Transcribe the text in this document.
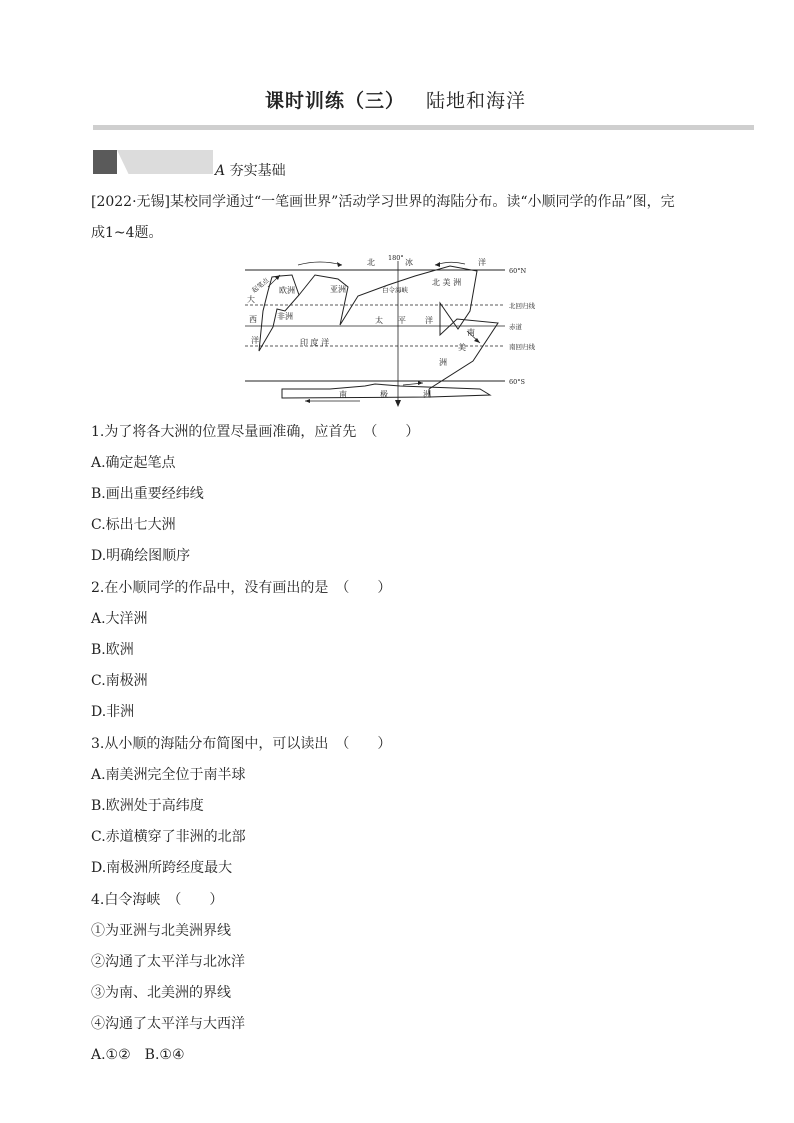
课时训练（三） 陆地和海洋
A 夯实基础
[2022·无锡]某校同学通过“一笔画世界”活动学习世界的海陆分布。读“小顺同学的作品”图，完
成1~4题。
北	冰	洋
180°
60°N
60°S
起笔点
大
西
洋
欧洲	亚洲
非洲
白令海峡
北 美 洲
北回归线
赤道
南回归线
太 平 洋
南
美
洲
印 度 洋
南	极	洲
1.为了将各大洲的位置尽量画准确，应首先　（　　）
A.确定起笔点
B.画出重要经纬线
C.标出七大洲
D.明确绘图顺序
2.在小顺同学的作品中，没有画出的是　（　　）
A.大洋洲
B.欧洲
C.南极洲
D.非洲
3.从小顺的海陆分布简图中，可以读出　（　　）
A.南美洲完全位于南半球
B.欧洲处于高纬度
C.赤道横穿了非洲的北部
D.南极洲所跨经度最大
4.白令海峡　（　　）
①为亚洲与北美洲界线
②沟通了太平洋与北冰洋
③为南、北美洲的界线
④沟通了太平洋与大西洋
A.①②　B.①④
